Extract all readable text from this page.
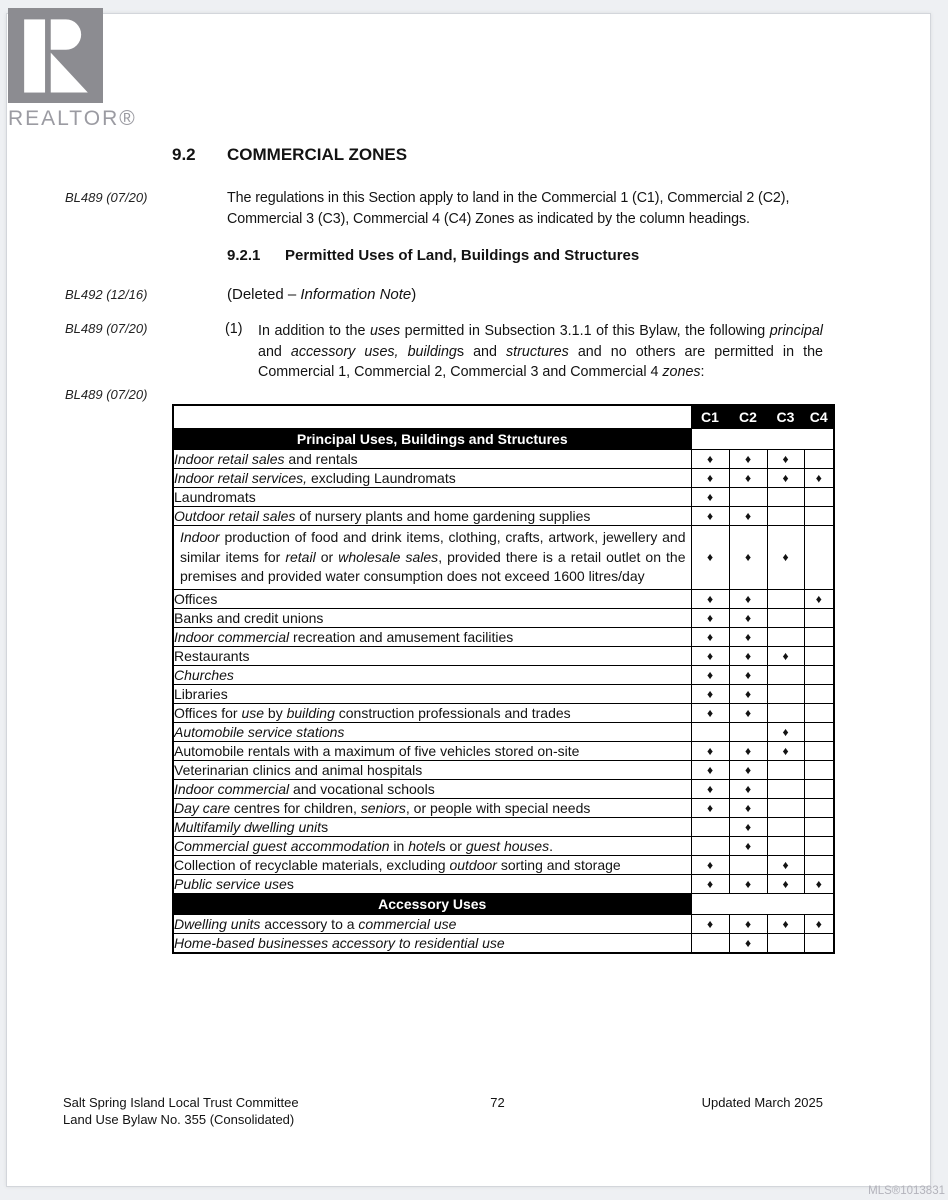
REALTOR®
9.2 COMMERCIAL ZONES
BL489 (07/20)	The regulations in this Section apply to land in the Commercial 1 (C1), Commercial 2 (C2), Commercial 3 (C3), Commercial 4 (C4) Zones as indicated by the column headings.
9.2.1 Permitted Uses of Land, Buildings and Structures
BL492 (12/16)	(Deleted – Information Note)
BL489 (07/20)	(1) In addition to the uses permitted in Subsection 3.1.1 of this Bylaw, the following principal and accessory uses, buildings and structures and no others are permitted in the Commercial 1, Commercial 2, Commercial 3 and Commercial 4 zones:
BL489 (07/20)
	C1	C2	C3	C4
Principal Uses, Buildings and Structures				
Indoor retail sales and rentals	♦	♦	♦	
Indoor retail services, excluding Laundromats	♦	♦	♦	♦
Laundromats	♦			
Outdoor retail sales of nursery plants and home gardening supplies	♦	♦		
Indoor production of food and drink items, clothing, crafts, artwork, jewellery and similar items for retail or wholesale sales, provided there is a retail outlet on the premises and provided water consumption does not exceed 1600 litres/day	♦	♦	♦	
Offices	♦	♦		♦
Banks and credit unions	♦	♦		
Indoor commercial recreation and amusement facilities	♦	♦		
Restaurants	♦	♦	♦	
Churches	♦	♦		
Libraries	♦	♦		
Offices for use by building construction professionals and trades	♦	♦		
Automobile service stations			♦	
Automobile rentals with a maximum of five vehicles stored on-site	♦	♦	♦	
Veterinarian clinics and animal hospitals	♦	♦		
Indoor commercial and vocational schools	♦	♦		
Day care centres for children, seniors, or people with special needs	♦	♦		
Multifamily dwelling units		♦		
Commercial guest accommodation in hotels or guest houses.		♦		
Collection of recyclable materials, excluding outdoor sorting and storage	♦		♦	
Public service uses	♦	♦	♦	♦
Accessory Uses				
Dwelling units accessory to a commercial use	♦	♦	♦	♦
Home-based businesses accessory to residential use		♦		
Salt Spring Island Local Trust Committee
Land Use Bylaw No. 355 (Consolidated)
72	Updated March 2025
MLS®1013831
